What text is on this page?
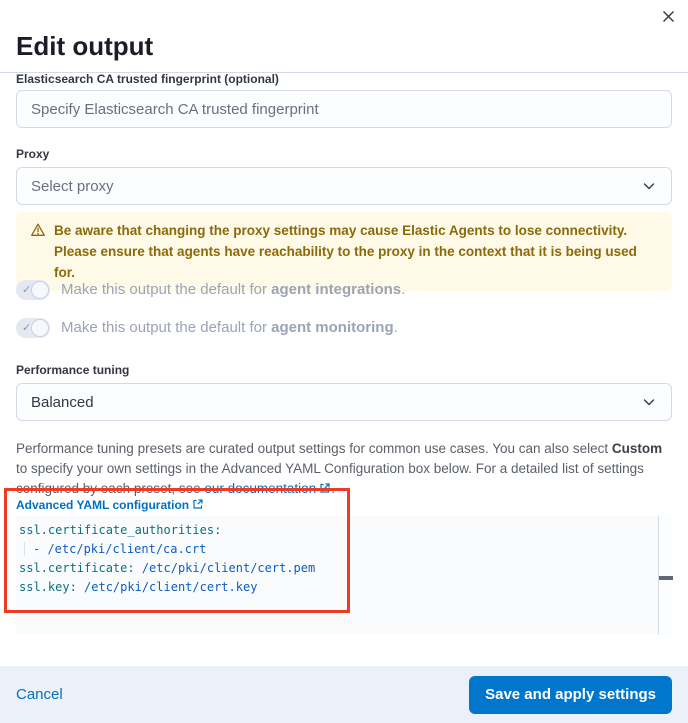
Edit output
Elasticsearch CA trusted fingerprint (optional)
Specify Elasticsearch CA trusted fingerprint
Proxy
Select proxy
Be aware that changing the proxy settings may cause Elastic Agents to lose connectivity. Please ensure that agents have reachability to the proxy in the context that it is being used for.
✓ Make this output the default for agent integrations.
✓ Make this output the default for agent monitoring.
Performance tuning
Balanced

Performance tuning presets are curated output settings for common use cases. You can also select Custom to specify your own settings in the Advanced YAML Configuration box below. For a detailed list of settings configured by each preset, see our documentation .

Advanced YAML configuration
ssl.certificate_authorities:
- /etc/pki/client/ca.crt
ssl.certificate: /etc/pki/client/cert.pem
ssl.key: /etc/pki/client/cert.key
Cancel	Save and apply settings
